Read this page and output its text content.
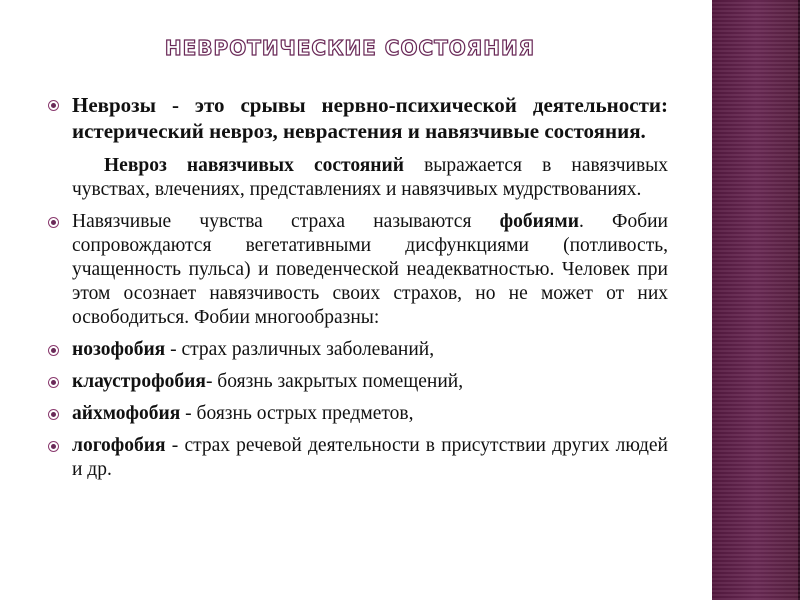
НЕВРОТИЧЕСКИЕ СОСТОЯНИЯ
Неврозы - это срывы нервно-психической деятельности: истерический невроз, неврастения и навязчивые состояния.
Невроз навязчивых состояний выражается в навязчивых чувствах, влечениях, представлениях и навязчивых мудрствованиях.
Навязчивые чувства страха называются фобиями. Фобии сопровождаются вегетативными дисфункциями (потливость, учащенность пульса) и поведенческой неадекватностью. Человек при этом осознает навязчивость своих страхов, но не может от них освободиться. Фобии многообразны:
нозофобия - страх различных заболеваний,
клаустрофобия- боязнь закрытых помещений,
айхмофобия - боязнь острых предметов,
логофобия - страх речевой деятельности в присутствии других людей и др.
